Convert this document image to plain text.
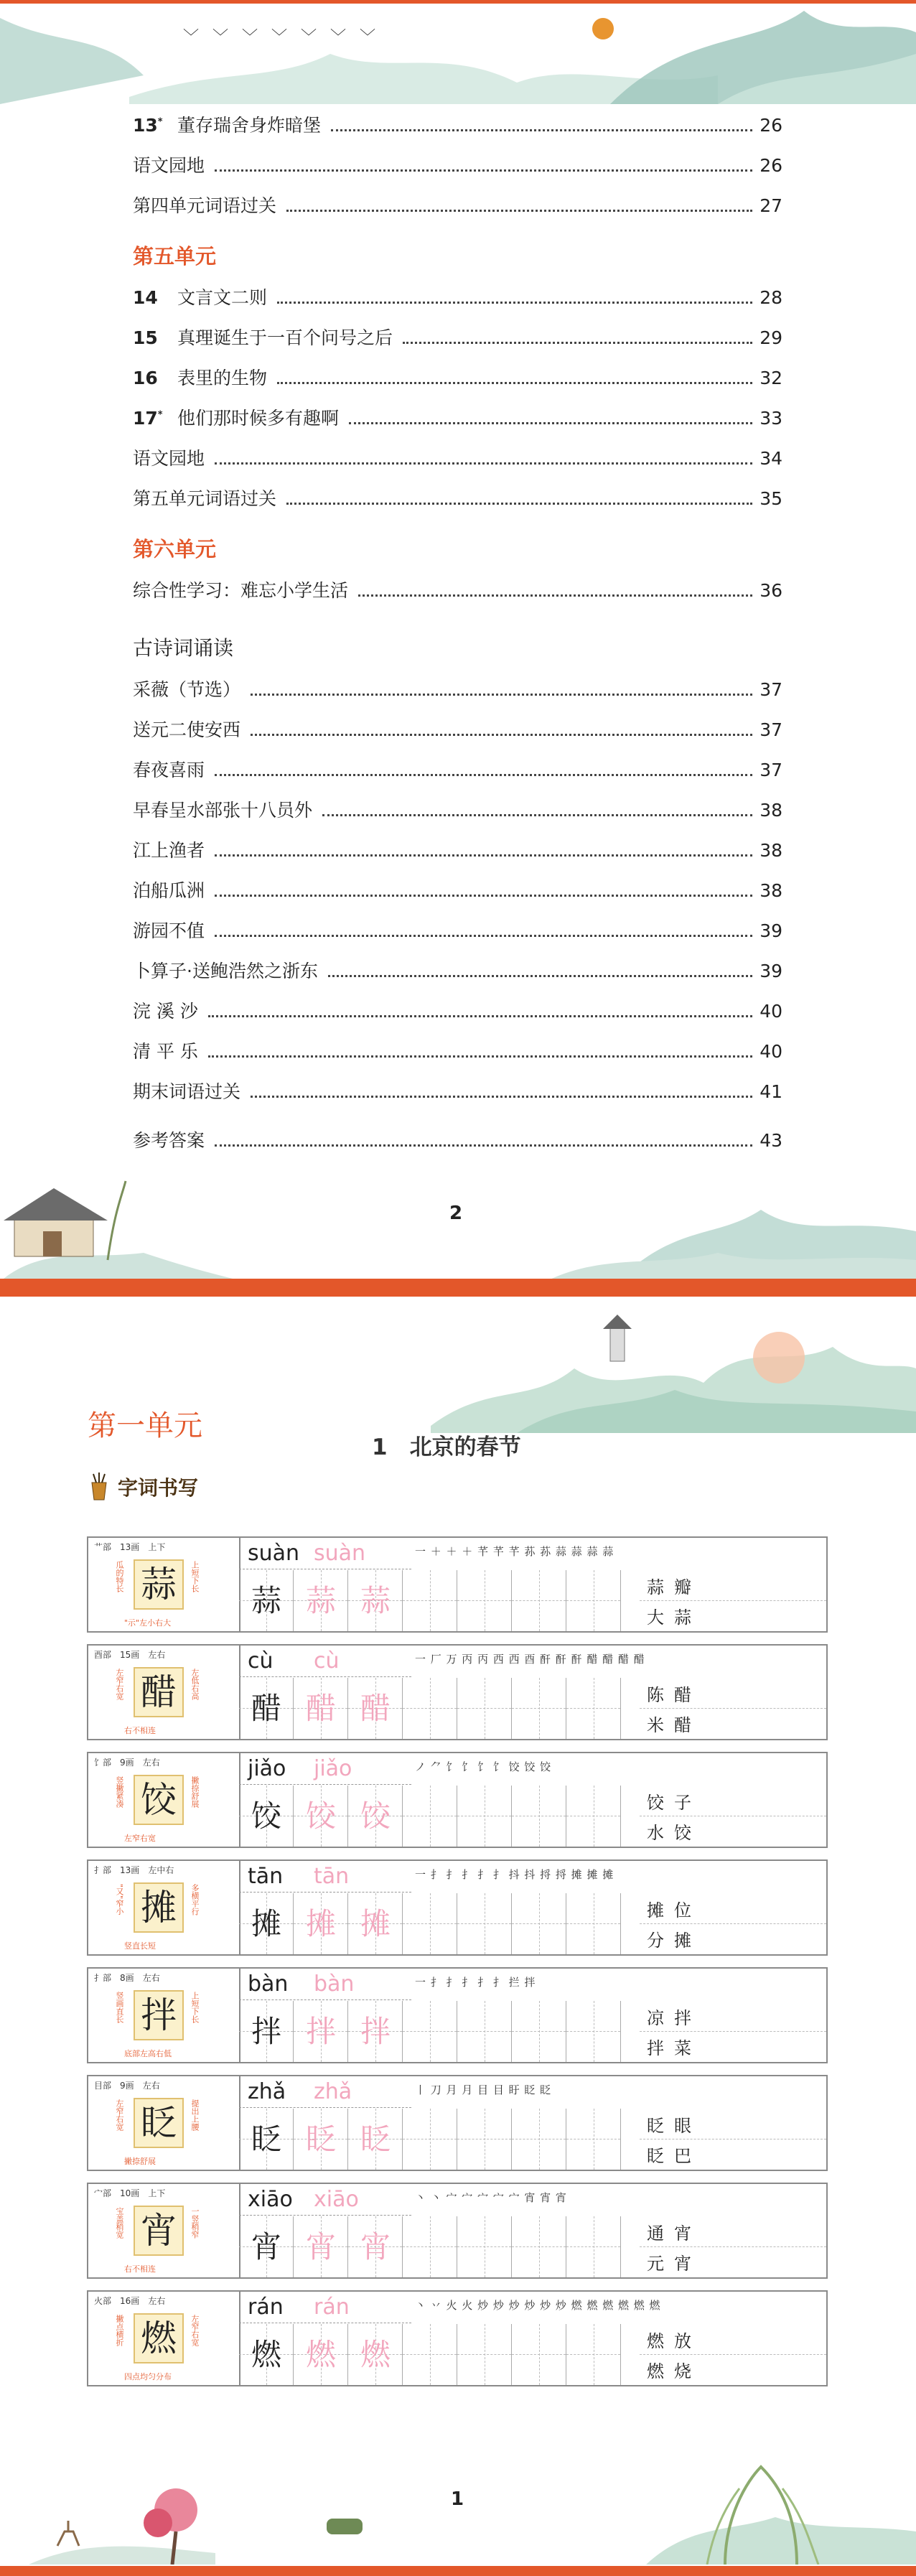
﹀ ﹀ ﹀ ﹀ ﹀ ﹀ ﹀
13* 董存瑞舍身炸暗堡	26
语文园地	26
第四单元词语过关	27
第五单元
14	文言文二则	28
15	真理诞生于一百个问号之后	29
16	表里的生物	32
17* 他们那时候多有趣啊	33
语文园地	34
第五单元词语过关	35
第六单元
综合性学习：难忘小学生活	36
古诗词诵读
采薇（节选）	37
送元二使安西	37
春夜喜雨	37
早春呈水部张十八员外	38
江上渔者	38
泊船瓜洲	38
游园不值	39
卜算子·送鲍浩然之浙东	39
浣 溪 沙	40
清 平 乐	40
期末词语过关	41
参考答案	43
2
第一单元
1　北京的春节
字词书写
艹部　 13画　 上下
蒜
瓜的特长	上短下长
"示"左小右大
suàn suàn	一 ＋ ＋ ＋ 芊 芊 芊 荪 荪 蒜 蒜 蒜 蒜
蒜 蒜 蒜	蒜 瓣
大 蒜
酉部　 15画　 左右
醋
左窄右宽	左低右高
右不相连
cù cù	一 厂 万 丙 丙 西 西 酉 酐 酐 酐 醋 醋 醋 醋
醋 醋 醋	陈 醋
米 醋
饣部　 9画　 左右
饺
竖撇紧凑	撇捺舒展
左窄右宽
jiǎo jiǎo	ノ ⺈ 饣 饣 饣 饣 饺 饺 饺
饺 饺 饺	饺 子
水 饺
扌部　 13画　 左中右
摊
"又"窄小	多横平行
竖直长短
tān tān	一 扌 扌 扌 扌 扌 抖 抖 捋 捋 摊 摊 摊
摊 摊 摊	摊 位
分 摊
扌部　 8画　 左右
拌
竖画直长	上短下长
底部左高右低
bàn bàn	一 扌 扌 扌 扌 扌 拦 拌
拌 拌 拌	凉 拌
拌 菜
目部　 9画　 左右
眨
左窄右宽	提出上腰
撇捺舒展
zhǎ zhǎ	丨 刀 月 月 目 目 盱 眨 眨
眨 眨 眨	眨 眼
眨 巴
宀部　 10画　 上下
宵
宝盖稍宽	一竖稍窄
右不相连
xiāo xiāo	丶 丶 宀 宀 宀 宀 宀 宵 宵 宵
宵 宵 宵	通 宵
元 宵
火部　 16画　 左右
燃
撇点横折	左窄右宽
四点均匀分布
rán rán	丶 丷 火 火 炒 炒 炒 炒 炒 炒 燃 燃 燃 燃 燃 燃
燃 燃 燃	燃 放
燃 烧
1
